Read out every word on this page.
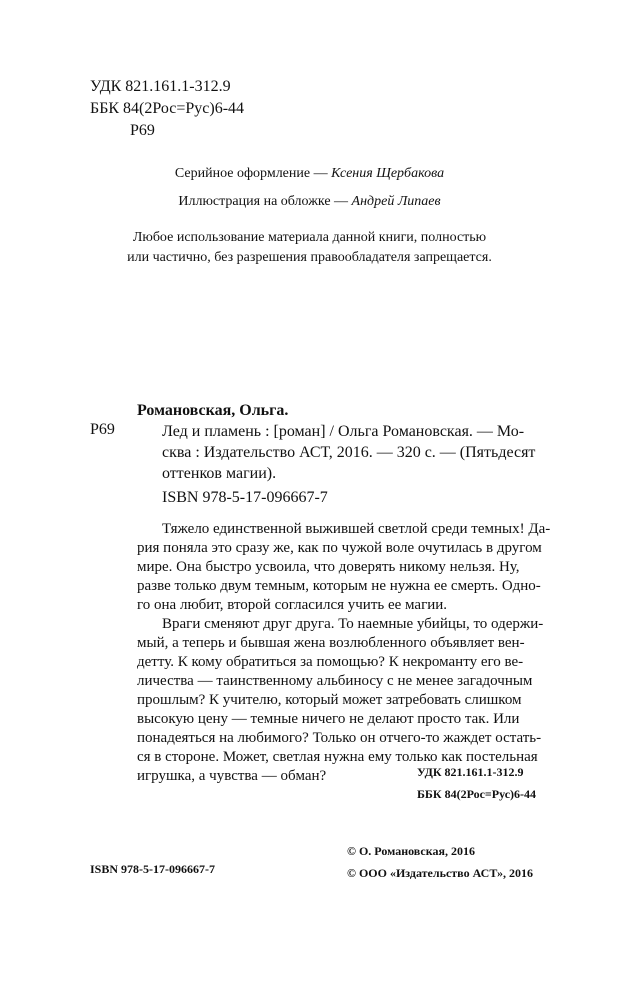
УДК 821.161.1-312.9
ББК 84(2Рос=Рус)6-44
Р69
Серийное оформление — Ксения Щербакова
Иллюстрация на обложке — Андрей Липаев
Любое использование материала данной книги, полностью
или частично, без разрешения правообладателя запрещается.
Романовская, Ольга.
Р69	Лед и пламень : [роман] / Ольга Романовская. — Мо-
сква : Издательство АСТ, 2016. — 320 с. — (Пятьдесят
оттенков магии).
ISBN 978-5-17-096667-7

Тяжело единственной выжившей светлой среди темных! Да-
рия поняла это сразу же, как по чужой воле очутилась в другом
мире. Она быстро усвоила, что доверять никому нельзя. Ну,
разве только двум темным, которым не нужна ее смерть. Одно-
го она любит, второй согласился учить ее магии.

Враги сменяют друг друга. То наемные убийцы, то одержи-
мый, а теперь и бывшая жена возлюбленного объявляет вен-
детту. К кому обратиться за помощью? К некроманту его ве-
личества — таинственному альбиносу с не менее загадочным
прошлым? К учителю, который может затребовать слишком
высокую цену — темные ничего не делают просто так. Или
понадеяться на любимого? Только он отчего-то жаждет остать-
ся в стороне. Может, светлая нужна ему только как постельная
игрушка, а чувства — обман?	УДК 821.161.1-312.9
ББК 84(2Рос=Рус)6-44
ISBN 978-5-17-096667-7
© О. Романовская, 2016
© ООО «Издательство АСТ», 2016
